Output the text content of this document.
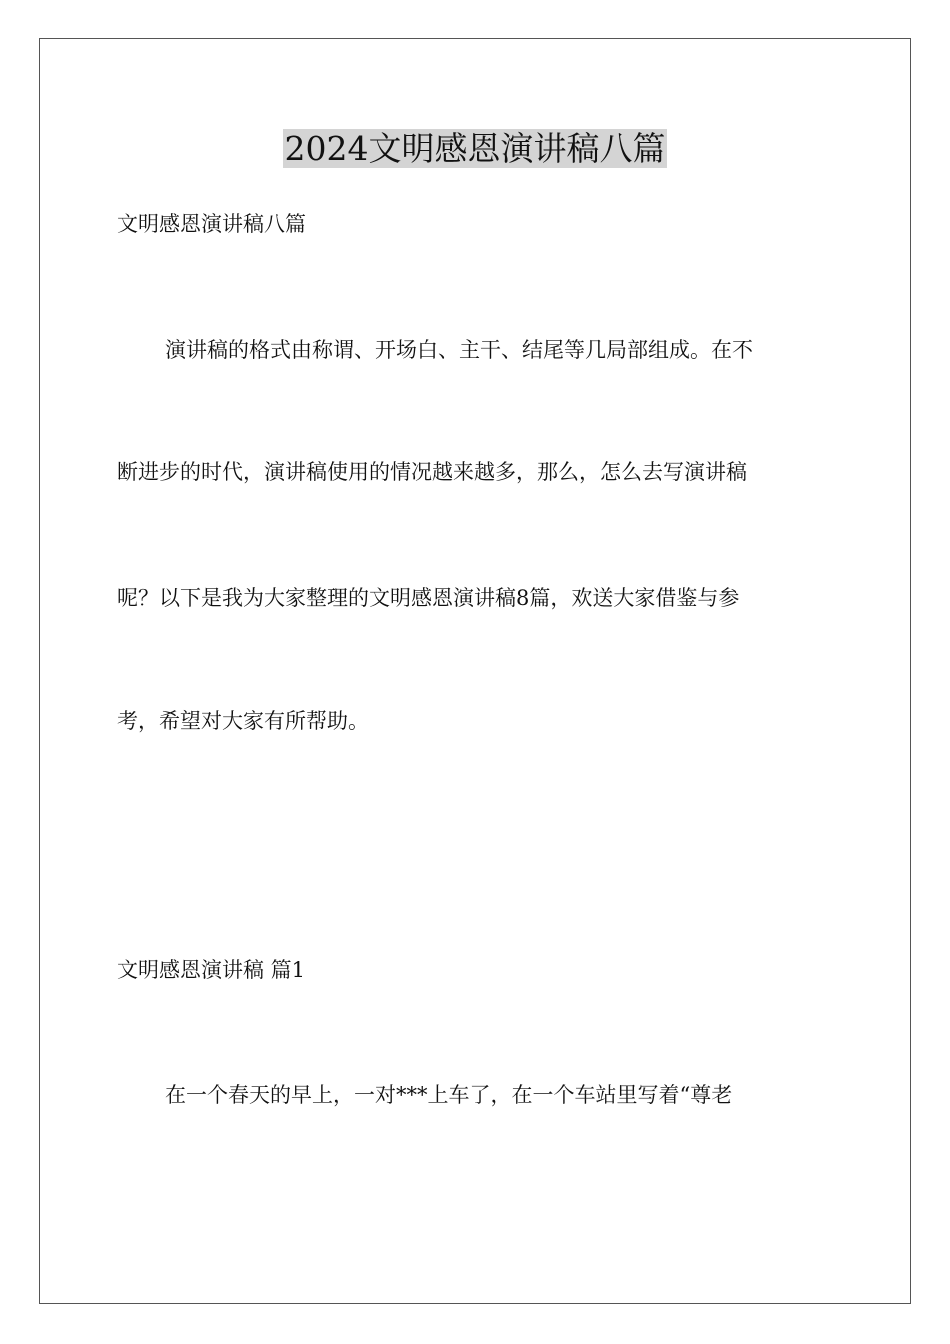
2024文明感恩演讲稿八篇

文明感恩演讲稿八篇

演讲稿的格式由称谓、开场白、主干、结尾等几局部组成。在不

断进步的时代，演讲稿使用的情况越来越多，那么，怎么去写演讲稿

呢？以下是我为大家整理的文明感恩演讲稿8篇，欢送大家借鉴与参

考，希望对大家有所帮助。

文明感恩演讲稿 篇1

在一个春天的早上，一对***上车了，在一个车站里写着“尊老
